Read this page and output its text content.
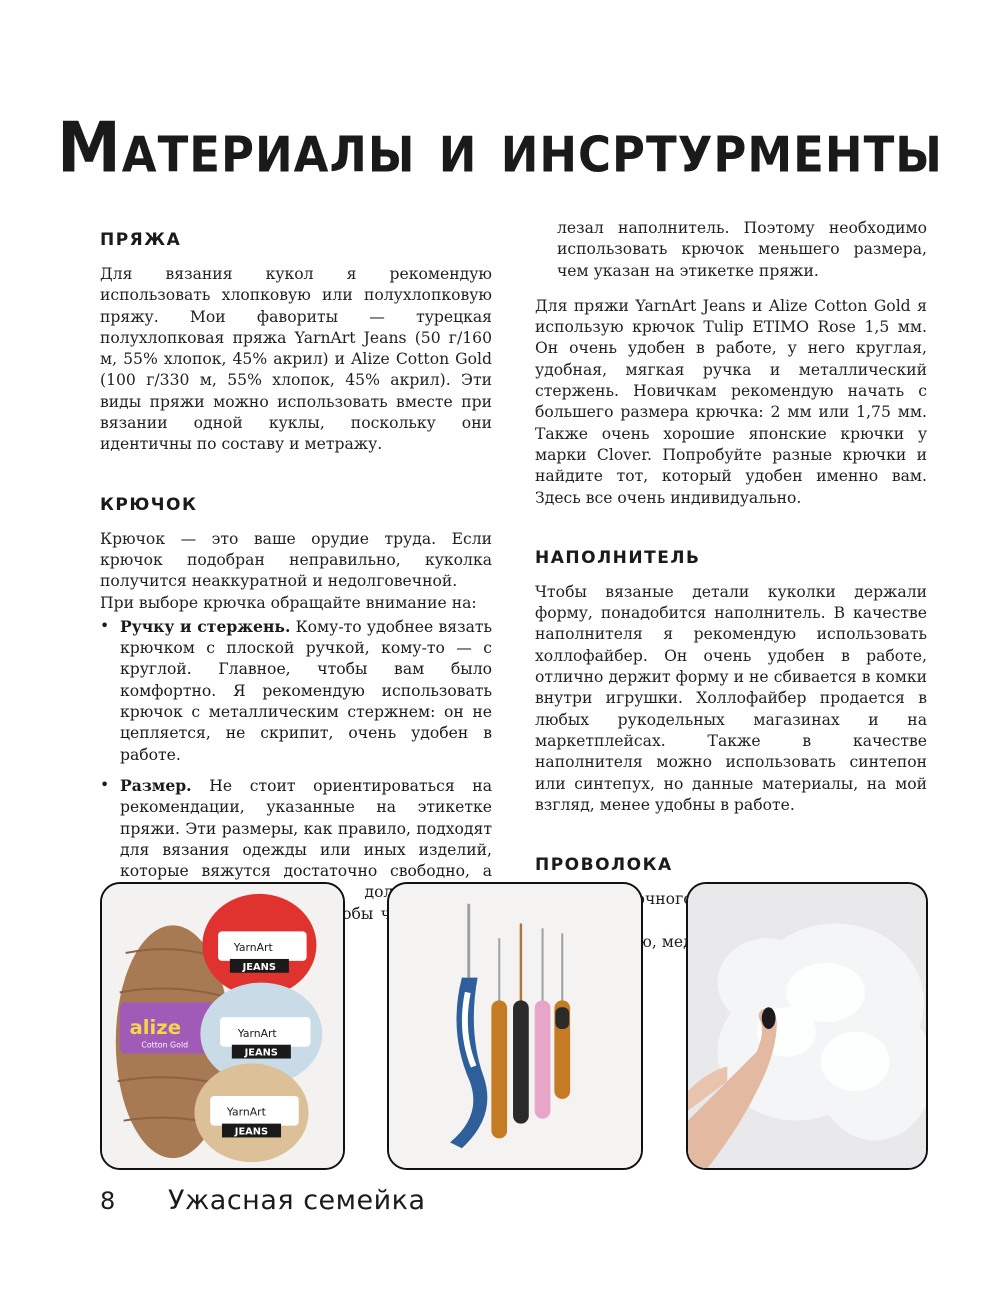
Материалы и инсртурменты
ПРЯЖА

Для вязания кукол я рекомендую использовать хлопковую или полухлопковую пряжу. Мои фавориты — турецкая полухлопковая пряжа YarnArt Jeans (50 г/160 м, 55% хлопок, 45% акрил) и Alize Cotton Gold (100 г/330 м, 55% хлопок, 45% акрил). Эти виды пряжи можно использовать вместе при вязании одной куклы, поскольку они идентичны по составу и метражу.

КРЮЧОК

Крючок — это ваше орудие труда. Если крючок подобран неправильно, куколка получится неаккуратной и недолговечной.

При выборе крючка обращайте внимание на:

• Ручку и стержень. Кому-то удобнее вязать крючком с плоской ручкой, кому-то — с круглой. Главное, чтобы вам было комфортно. Я рекомендую использовать крючок с металлическим стержнем: он не цепляется, не скрипит, очень удобен в работе.
• Размер. Не стоит ориентироваться на рекомендации, указанные на этикетке пряжи. Эти размеры, как правило, подходят для вязания одежды или иных изделий, которые вяжутся достаточно свободно, а чтобы

лезал наполнитель. Поэтому необходимо использовать крючок меньшего размера, чем указан на этикетке пряжи.

Для пряжи YarnArt Jeans и Alize Cotton Gold я использую крючок Tulip ETIMO Rose 1,5 мм. Он очень удобен в работе, у него круглая, удобная, мягкая ручка и металлический стержень. Новичкам рекомендую начать с большего размера крючка: 2 мм или 1,75 мм. Также очень хорошие японские крючки у марки Clover. Попробуйте разные крючки и найдите тот, который удобен именно вам. Здесь все очень индивидуально.

НАПОЛНИТЕЛЬ

Чтобы вязаные детали куколки держали форму, понадобится наполнитель. В качестве наполнителя я рекомендую использовать холлофайбер. Он очень удобен в работе, отлично держит форму и не сбивается в комки внутри игрушки. Холлофайбер продается в любых рукодельных магазинах и на маркетплейсах. Также в качестве наполнителя можно использовать синтепон или синтепух, но данные материалы, на мой взгляд, менее удобны в работе.

ПРОВОЛОКА

мед-

alize
Cotton Gold
YarnArt
JEANS
YarnArt
JEANS
YarnArt
JEANS
8 Ужасная семейка
